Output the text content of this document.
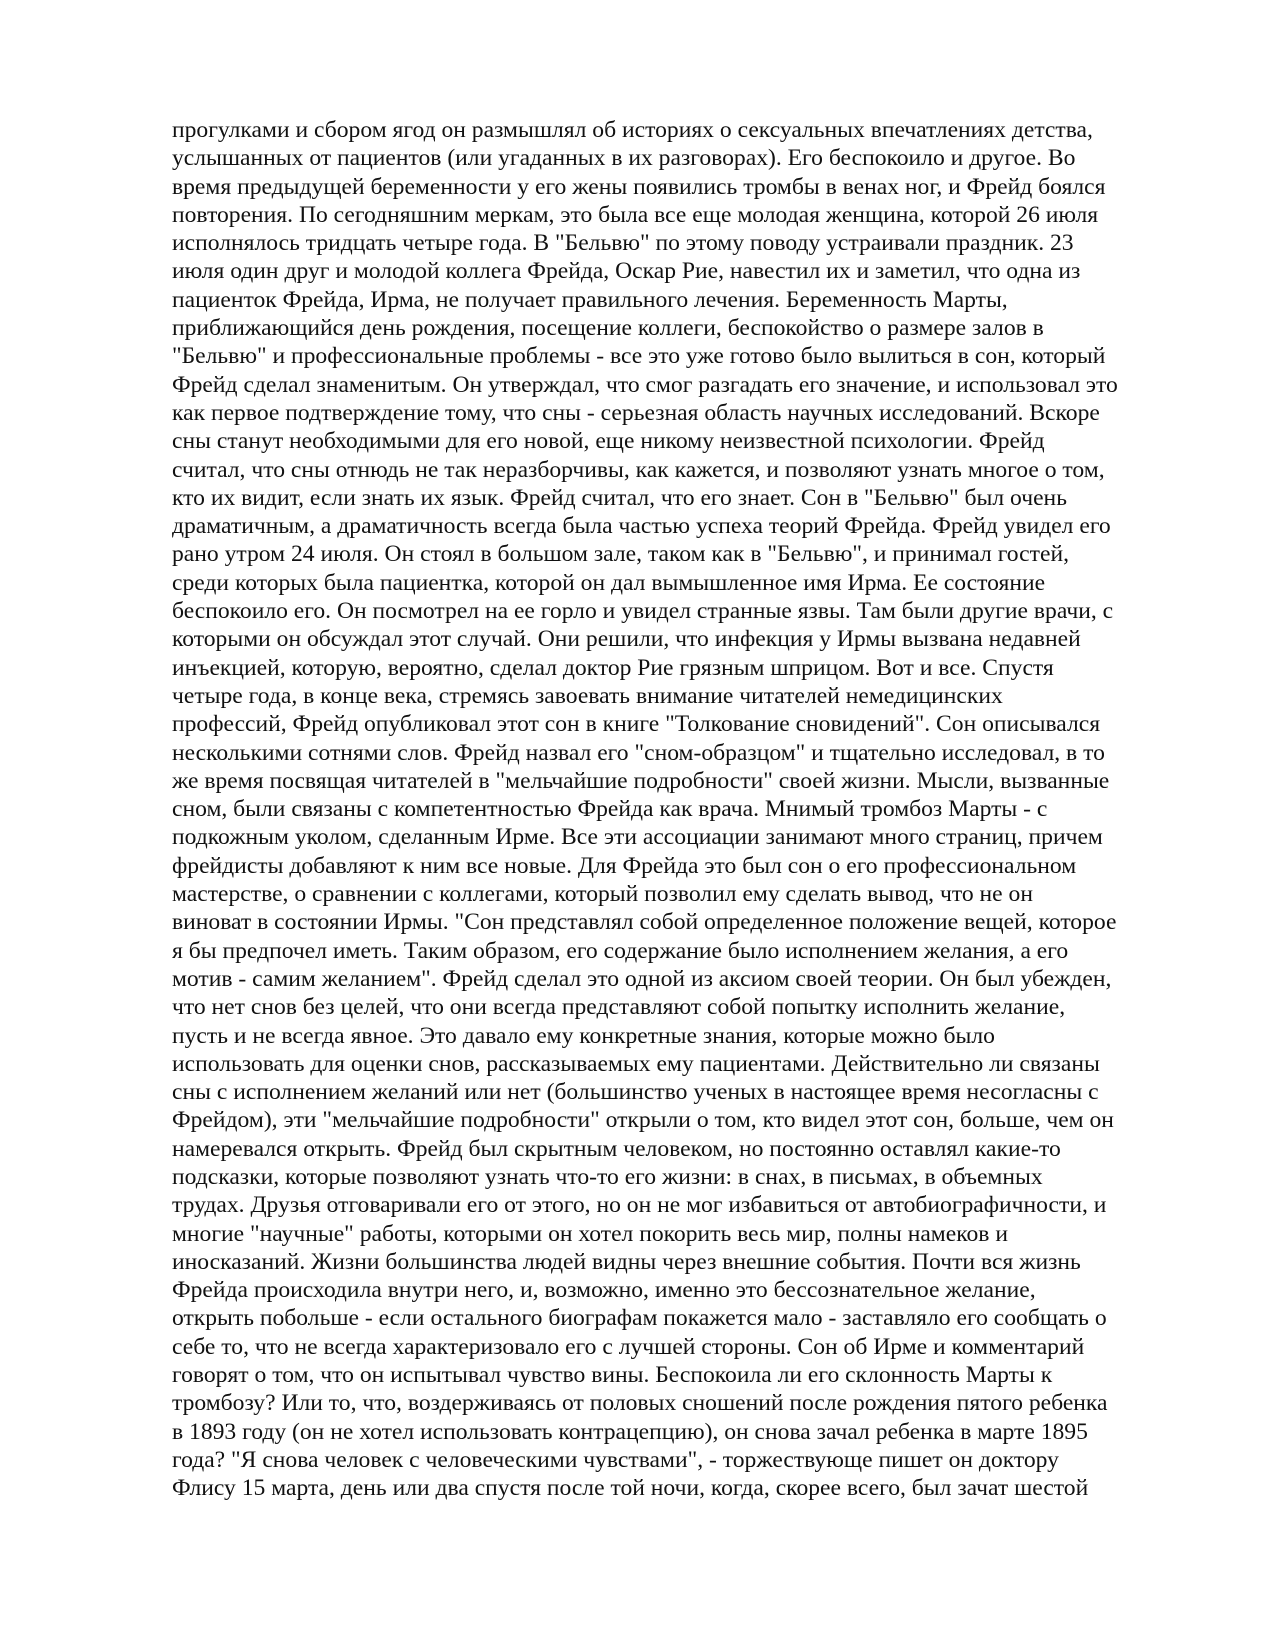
прогулками и сбором ягод он размышлял об историях о сексуальных впечатлениях детства,
услышанных от пациентов (или угаданных в их разговорах). Его беспокоило и другое. Во
время предыдущей беременности у его жены появились тромбы в венах ног, и Фрейд боялся
повторения. По сегодняшним меркам, это была все еще молодая женщина, которой 26 июля
исполнялось тридцать четыре года. В "Бельвю" по этому поводу устраивали праздник. 23
июля один друг и молодой коллега Фрейда, Оскар Рие, навестил их и заметил, что одна из
пациенток Фрейда, Ирма, не получает правильного лечения. Беременность Марты,
приближающийся день рождения, посещение коллеги, беспокойство о размере залов в
"Бельвю" и профессиональные проблемы - все это уже готово было вылиться в сон, который
Фрейд сделал знаменитым. Он утверждал, что смог разгадать его значение, и использовал это
как первое подтверждение тому, что сны - серьезная область научных исследований. Вскоре
сны станут необходимыми для его новой, еще никому неизвестной психологии. Фрейд
считал, что сны отнюдь не так неразборчивы, как кажется, и позволяют узнать многое о том,
кто их видит, если знать их язык. Фрейд считал, что его знает. Сон в "Бельвю" был очень
драматичным, а драматичность всегда была частью успеха теорий Фрейда. Фрейд увидел его
рано утром 24 июля. Он стоял в большом зале, таком как в "Бельвю", и принимал гостей,
среди которых была пациентка, которой он дал вымышленное имя Ирма. Ее состояние
беспокоило его. Он посмотрел на ее горло и увидел странные язвы. Там были другие врачи, с
которыми он обсуждал этот случай. Они решили, что инфекция у Ирмы вызвана недавней
инъекцией, которую, вероятно, сделал доктор Рие грязным шприцом. Вот и все. Спустя
четыре года, в конце века, стремясь завоевать внимание читателей немедицинских
профессий, Фрейд опубликовал этот сон в книге "Толкование сновидений". Сон описывался
несколькими сотнями слов. Фрейд назвал его "сном-образцом" и тщательно исследовал, в то
же время посвящая читателей в "мельчайшие подробности" своей жизни. Мысли, вызванные
сном, были связаны с компетентностью Фрейда как врача. Мнимый тромбоз Марты - с
подкожным уколом, сделанным Ирме. Все эти ассоциации занимают много страниц, причем
фрейдисты добавляют к ним все новые. Для Фрейда это был сон о его профессиональном
мастерстве, о сравнении с коллегами, который позволил ему сделать вывод, что не он
виноват в состоянии Ирмы. "Сон представлял собой определенное положение вещей, которое
я бы предпочел иметь. Таким образом, его содержание было исполнением желания, а его
мотив - самим желанием". Фрейд сделал это одной из аксиом своей теории. Он был убежден,
что нет снов без целей, что они всегда представляют собой попытку исполнить желание,
пусть и не всегда явное. Это давало ему конкретные знания, которые можно было
использовать для оценки снов, рассказываемых ему пациентами. Действительно ли связаны
сны с исполнением желаний или нет (большинство ученых в настоящее время несогласны с
Фрейдом), эти "мельчайшие подробности" открыли о том, кто видел этот сон, больше, чем он
намеревался открыть. Фрейд был скрытным человеком, но постоянно оставлял какие-то
подсказки, которые позволяют узнать что-то его жизни: в снах, в письмах, в объемных
трудах. Друзья отговаривали его от этого, но он не мог избавиться от автобиографичности, и
многие "научные" работы, которыми он хотел покорить весь мир, полны намеков и
иносказаний. Жизни большинства людей видны через внешние события. Почти вся жизнь
Фрейда происходила внутри него, и, возможно, именно это бессознательное желание,
открыть побольше - если остального биографам покажется мало - заставляло его сообщать о
себе то, что не всегда характеризовало его с лучшей стороны. Сон об Ирме и комментарий
говорят о том, что он испытывал чувство вины. Беспокоила ли его склонность Марты к
тромбозу? Или то, что, воздерживаясь от половых сношений после рождения пятого ребенка
в 1893 году (он не хотел использовать контрацепцию), он снова зачал ребенка в марте 1895
года? "Я снова человек с человеческими чувствами", - торжествующе пишет он доктору
Флису 15 марта, день или два спустя после той ночи, когда, скорее всего, был зачат шестой
